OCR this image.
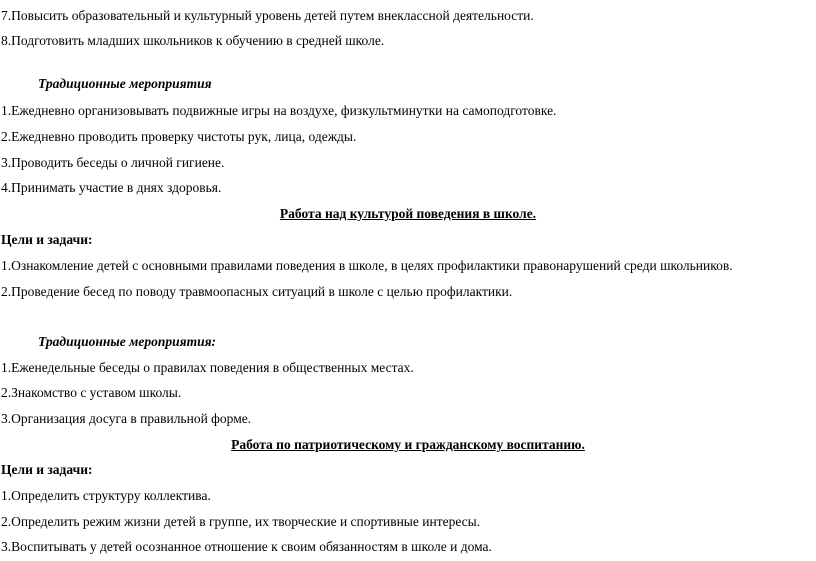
7.Повысить образовательный и культурный уровень детей путем внеклассной деятельности.
8.Подготовить младших школьников к обучению в средней школе.
Традиционные мероприятия
1.Ежедневно организовывать подвижные игры на воздухе, физкультминутки на самоподготовке.
2.Ежедневно проводить проверку чистоты рук, лица, одежды.
3.Проводить беседы о личной гигиене.
4.Принимать участие в днях здоровья.
Работа над культурой поведения в школе.
Цели и задачи:
1.Ознакомление детей с основными правилами поведения в школе, в целях профилактики правонарушений среди школьников.
2.Проведение бесед по поводу травмоопасных ситуаций в школе с целью профилактики.
Традиционные мероприятия:
1.Еженедельные беседы о правилах поведения в общественных местах.
2.Знакомство с уставом школы.
3.Организация досуга в правильной форме.
Работа по патриотическому и гражданскому воспитанию.
Цели и задачи:
1.Определить структуру коллектива.
2.Определить режим жизни детей в группе, их творческие и спортивные интересы.
3.Воспитывать у детей осознанное отношение к своим обязанностям в школе и дома.
